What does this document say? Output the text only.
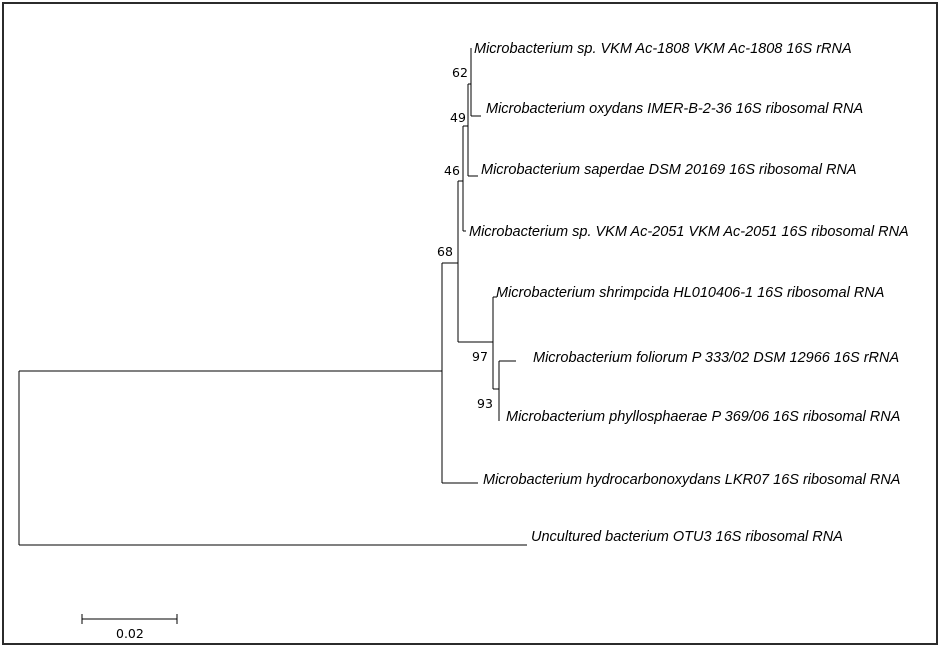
Microbacterium sp. VKM Ac-1808 VKM Ac-1808 16S rRNA
Microbacterium oxydans IMER-B-2-36 16S ribosomal RNA
Microbacterium saperdae DSM 20169 16S ribosomal RNA
Microbacterium sp. VKM Ac-2051 VKM Ac-2051 16S ribosomal RNA
Microbacterium shrimpcida HL010406-1 16S ribosomal RNA
Microbacterium foliorum P 333/02 DSM 12966 16S rRNA
Microbacterium phyllosphaerae P 369/06 16S ribosomal RNA
Microbacterium hydrocarbonoxydans LKR07 16S ribosomal RNA
Uncultured bacterium OTU3 16S ribosomal RNA
62
49
46
68
97
93
0.02
